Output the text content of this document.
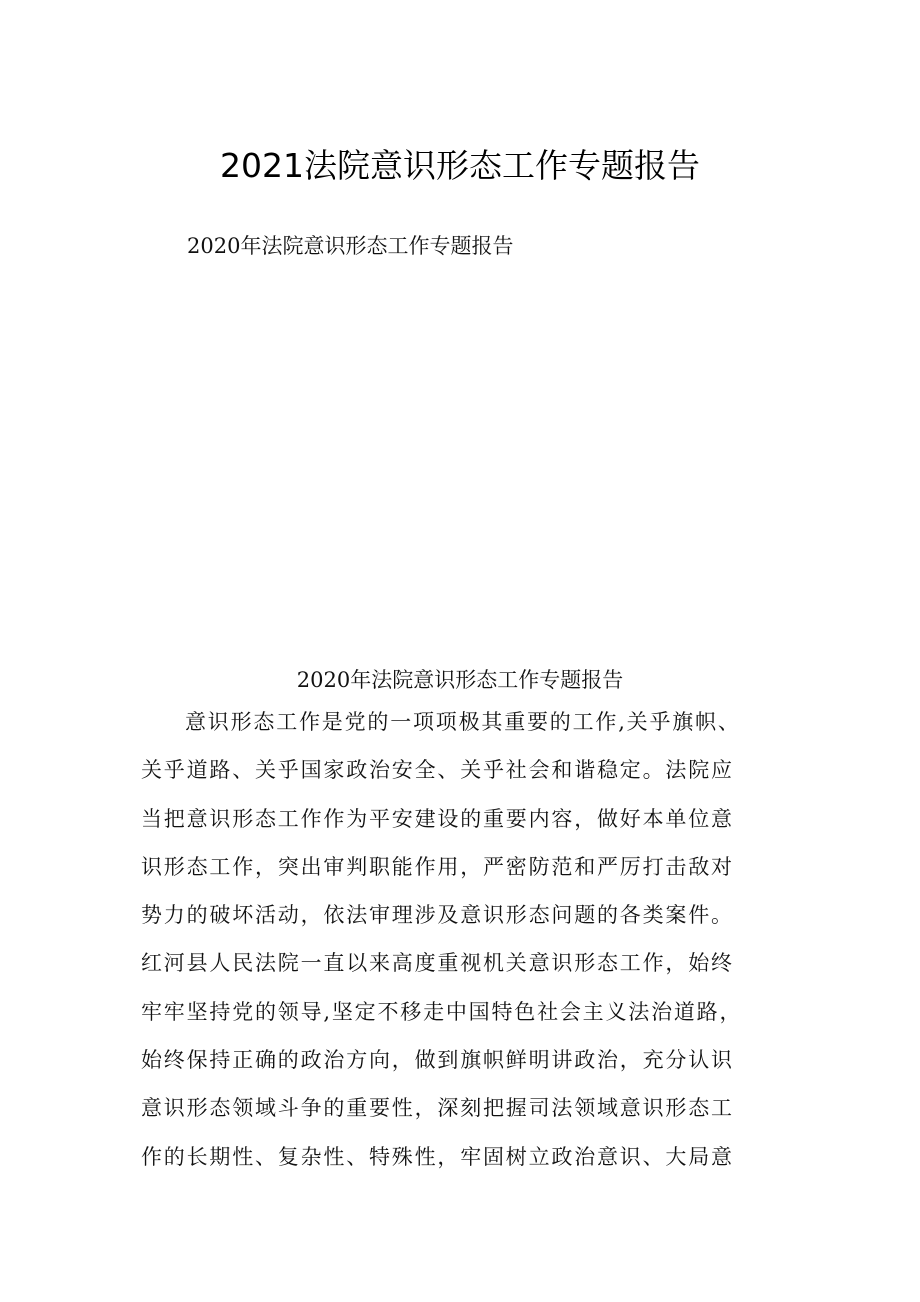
2021法院意识形态工作专题报告
2020年法院意识形态工作专题报告
2020年法院意识形态工作专题报告
意识形态工作是党的一项项极其重要的工作,关乎旗帜、
关乎道路、关乎国家政治安全、关乎社会和谐稳定。法院应
当把意识形态工作作为平安建设的重要内容，做好本单位意
识形态工作，突出审判职能作用，严密防范和严厉打击敌对
势力的破坏活动，依法审理涉及意识形态问题的各类案件。
红河县人民法院一直以来高度重视机关意识形态工作，始终
牢牢坚持党的领导,坚定不移走中国特色社会主义法治道路，
始终保持正确的政治方向，做到旗帜鲜明讲政治，充分认识
意识形态领域斗争的重要性，深刻把握司法领域意识形态工
作的长期性、复杂性、特殊性，牢固树立政治意识、大局意
